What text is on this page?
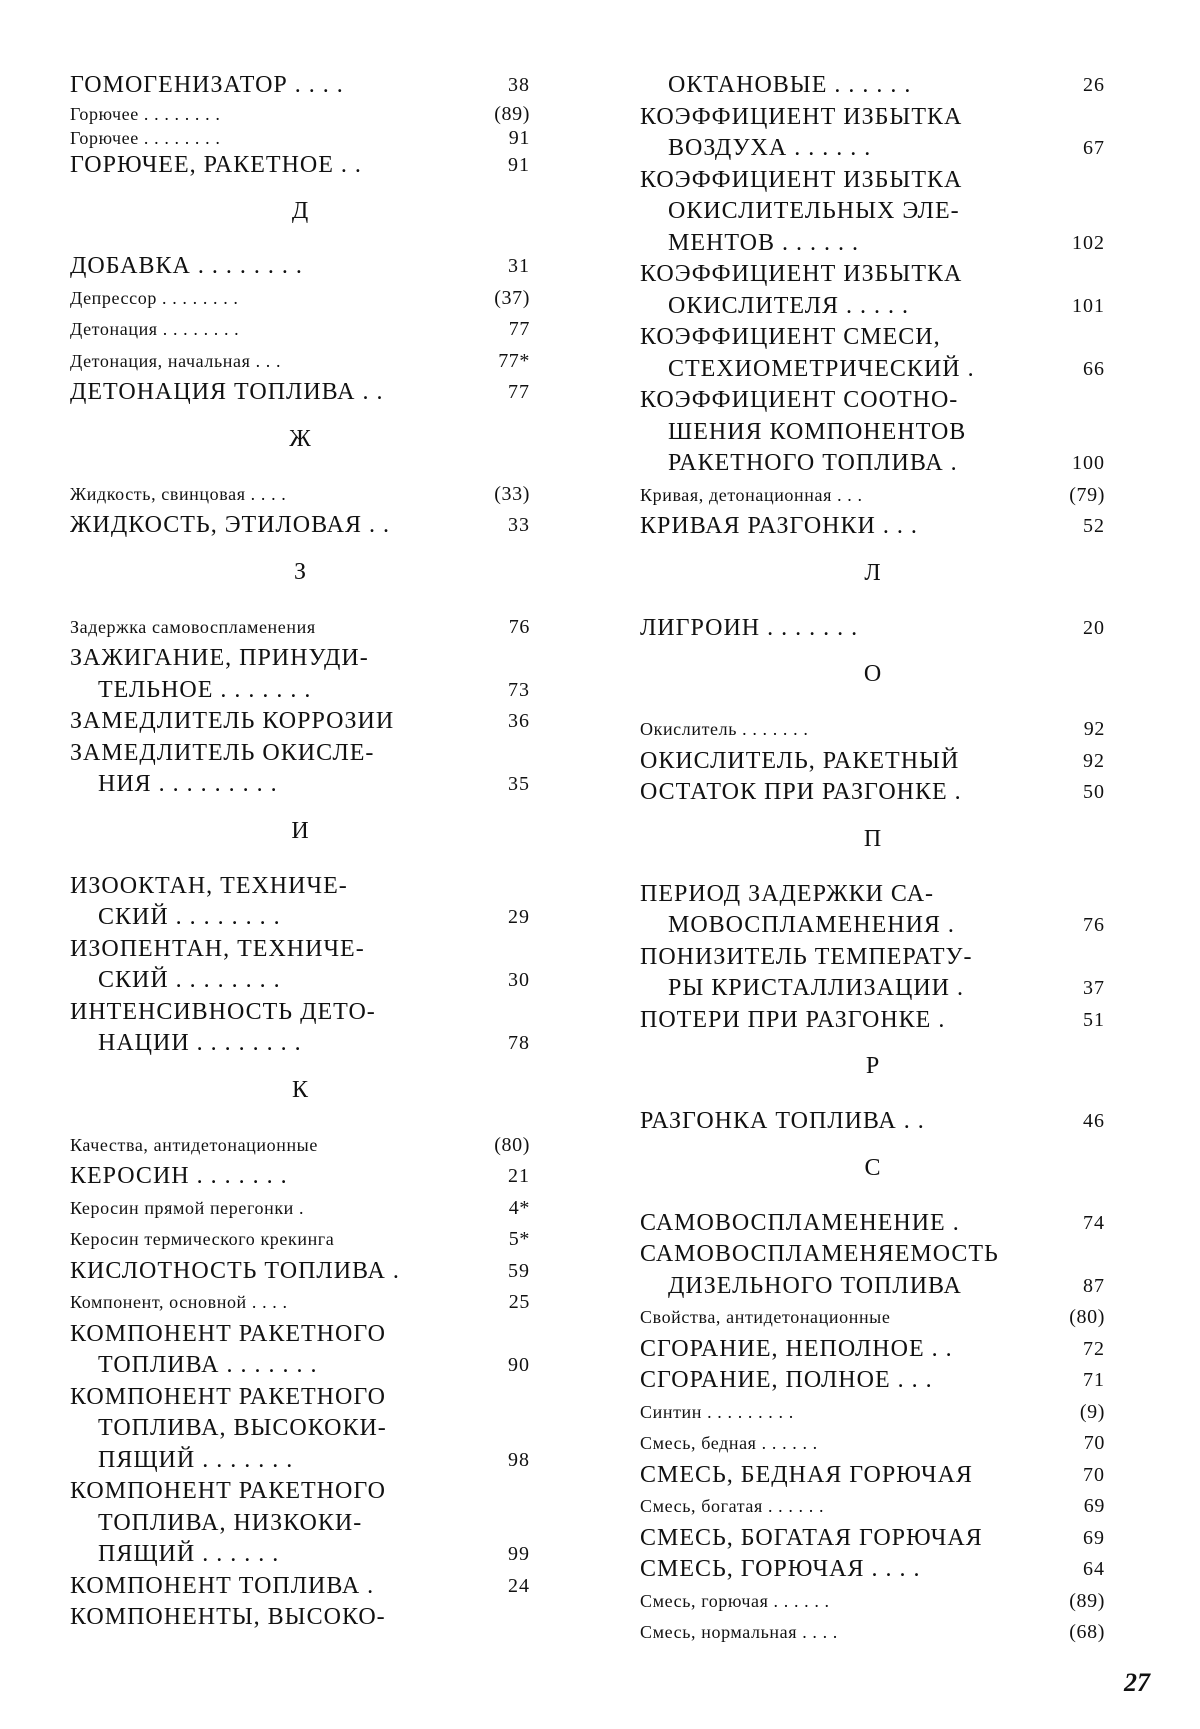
ГОМОГЕНИЗАТОР . . . .	38
Горючее . . . . . . . .	(89)
Горючее . . . . . . . .	91
ГОРЮЧЕЕ, РАКЕТНОЕ . .	91
Д
ДОБАВКА . . . . . . . .	31
Депрессор . . . . . . . .	(37)
Детонация . . . . . . . .	77
Детонация, начальная . . .	77*
ДЕТОНАЦИЯ ТОПЛИВА . .	77
Ж
Жидкость, свинцовая . . . .	(33)
ЖИДКОСТЬ, ЭТИЛОВАЯ . .	33
З
Задержка самовоспламенения	76
ЗАЖИГАНИЕ, ПРИНУДИ-
ТЕЛЬНОЕ . . . . . . .	73
ЗАМЕДЛИТЕЛЬ КОРРОЗИИ	36
ЗАМЕДЛИТЕЛЬ ОКИСЛЕ-
НИЯ . . . . . . . . .	35
И
ИЗООКТАН, ТЕХНИЧЕ-
СКИЙ . . . . . . . .	29
ИЗОПЕНТАН, ТЕХНИЧЕ-
СКИЙ . . . . . . . .	30
ИНТЕНСИВНОСТЬ ДЕТО-
НАЦИИ . . . . . . . .	78
К
Качества, антидетонационные	(80)
КЕРОСИН . . . . . . .	21
Керосин прямой перегонки .	4*
Керосин термического крекинга	5*
КИСЛОТНОСТЬ ТОПЛИВА .	59
Компонент, основной . . . .	25
КОМПОНЕНТ РАКЕТНОГО
ТОПЛИВА . . . . . . .	90
КОМПОНЕНТ РАКЕТНОГО
ТОПЛИВА, ВЫСОКОКИ-
ПЯЩИЙ . . . . . . .	98
КОМПОНЕНТ РАКЕТНОГО
ТОПЛИВА, НИЗКОКИ-
ПЯЩИЙ . . . . . .	99
КОМПОНЕНТ ТОПЛИВА .	24
КОМПОНЕНТЫ, ВЫСОКО-
ОКТАНОВЫЕ . . . . . .	26
КОЭФФИЦИЕНТ ИЗБЫТКА
ВОЗДУХА . . . . . .	67
КОЭФФИЦИЕНТ ИЗБЫТКА
ОКИСЛИТЕЛЬНЫХ ЭЛЕ-
МЕНТОВ . . . . . .	102
КОЭФФИЦИЕНТ ИЗБЫТКА
ОКИСЛИТЕЛЯ . . . . .	101
КОЭФФИЦИЕНТ СМЕСИ,
СТЕХИОМЕТРИЧЕСКИЙ .	66
КОЭФФИЦИЕНТ СООТНО-
ШЕНИЯ КОМПОНЕНТОВ
РАКЕТНОГО ТОПЛИВА .	100
Кривая, детонационная . . .	(79)
КРИВАЯ РАЗГОНКИ . . .	52
Л
ЛИГРОИН . . . . . . .	20
О
Окислитель . . . . . . .	92
ОКИСЛИТЕЛЬ, РАКЕТНЫЙ	92
ОСТАТОК ПРИ РАЗГОНКЕ .	50
П
ПЕРИОД ЗАДЕРЖКИ СА-
МОВОСПЛАМЕНЕНИЯ .	76
ПОНИЗИТЕЛЬ ТЕМПЕРАТУ-
РЫ КРИСТАЛЛИЗАЦИИ .	37
ПОТЕРИ ПРИ РАЗГОНКЕ .	51
Р
РАЗГОНКА ТОПЛИВА . .	46
С
САМОВОСПЛАМЕНЕНИЕ .	74
САМОВОСПЛАМЕНЯЕМОСТЬ
ДИЗЕЛЬНОГО ТОПЛИВА	87
Свойства, антидетонационные	(80)
СГОРАНИЕ, НЕПОЛНОЕ . .	72
СГОРАНИЕ, ПОЛНОЕ . . .	71
Синтин . . . . . . . . .	(9)
Смесь, бедная . . . . . .	70
СМЕСЬ, БЕДНАЯ ГОРЮЧАЯ	70
Смесь, богатая . . . . . .	69
СМЕСЬ, БОГАТАЯ ГОРЮЧАЯ	69
СМЕСЬ, ГОРЮЧАЯ . . . .	64
Смесь, горючая . . . . . .	(89)
Смесь, нормальная . . . .	(68)
27
